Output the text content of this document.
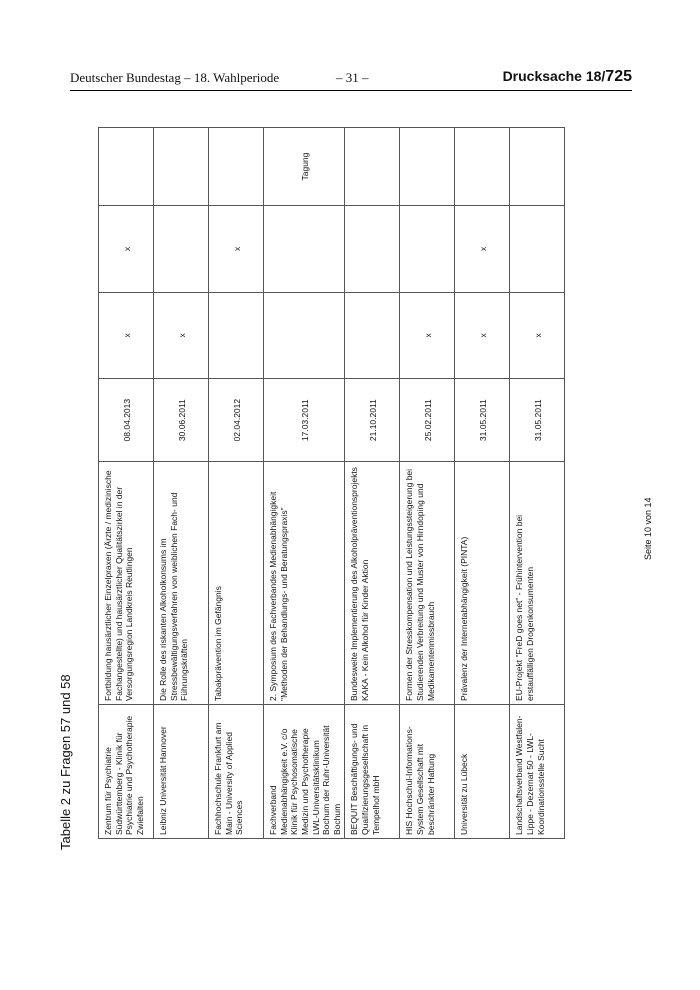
Deutscher Bundestag – 18. Wahlperiode	– 31 –	Drucksache 18/725
Tabelle 2 zu Fragen 57 und 58	Zentrum für Psychiatrie Südwürttemberg - Klinik für Psychiatrie und Psychotherapie Zwiefalten	Fortbildung hausärztlicher Einzelpraxen (Ärzte / medizinische Fachangestellte) und hausärztlicher Qualitätszirkel in der Versorgungsregion Landkreis Reutlingen	08.04.2013	x	x	
Leibniz Universität Hannover	Die Rolle des riskanten Alkoholkonsums im Stressbewältigungsverfahren von weiblichen Fach- und Führungskräften	30.06.2011	x		
Fachhochschule Frankfurt am Main - University of Applied Sciences	Tabakprävention im Gefängnis	02.04.2012		x	
Fachverband Medienabhängigkeit e.V. c/o Klinik für Psychosomatische Medizin und Psychotherapie LWL-Universitätsklinikum Bochum der Ruhr-Universität Bochum	2. Symposium des Fachverbandes Medienabhängigkeit "Methoden der Behandlungs- und Beratungspraxis"	17.03.2011			Tagung
BEQUIT Beschäftigungs- und Qualifizierungsgesellschaft in Tempelhof mbH	Bundesweite Implementierung des Alkoholpräventionsprojekts KAKA - Kein Alkohol für Kinder Aktion	21.10.2011			
HIS Hochschul-Informations-System Gesellschaft mit beschränkter Haftung	Formen der Stresskompensation und Leistungssteigerung bei Studierenden Verbreitung und Muster von Hirndoping und Medikamentenmissbrauch	25.02.2011	x		
Universität zu Lübeck	Prävalenz der Internetabhängigkeit (PINTA)	31.05.2011	x	x	
Landschaftsverband Westfalen-Lippe - Dezernat 50 - LWL-Koordinationsstelle Sucht	EU-Projekt "FreD goes net" - Frühintervention bei erstauffälligen Drogenkonsumenten	31.05.2011	x		
Seite 10 von 14
